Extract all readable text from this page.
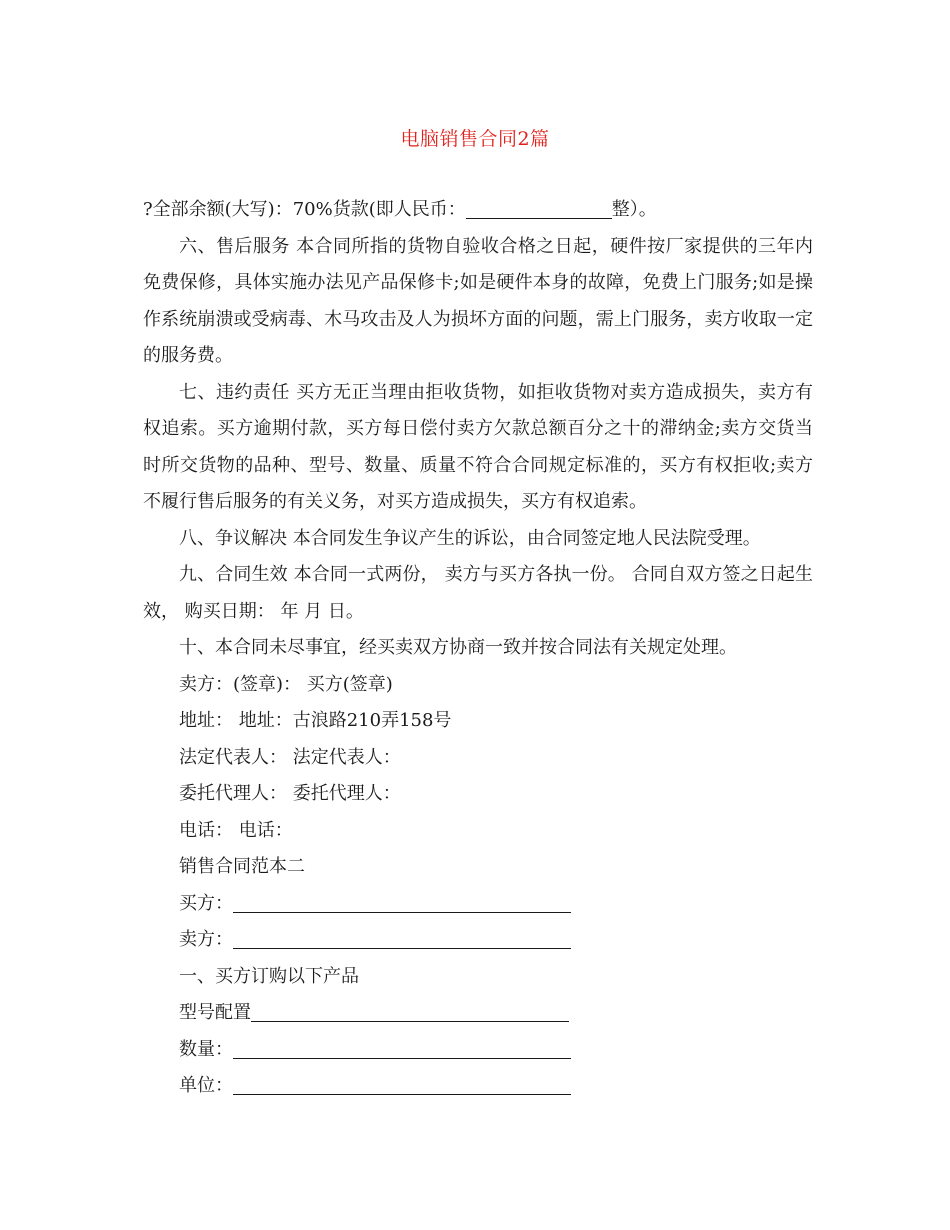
电脑销售合同2篇

?全部余额(大写)：70%货款(即人民币：	整）。

六、售后服务 本合同所指的货物自验收合格之日起，硬件按厂家提供的三年内免费保修，具体实施办法见产品保修卡;如是硬件本身的故障，免费上门服务;如是操作系统崩溃或受病毒、木马攻击及人为损坏方面的问题，需上门服务，卖方收取一定的服务费。

七、违约责任 买方无正当理由拒收货物，如拒收货物对卖方造成损失，卖方有权追索。买方逾期付款，买方每日偿付卖方欠款总额百分之十的滞纳金;卖方交货当时所交货物的品种、型号、数量、质量不符合合同规定标准的，买方有权拒收;卖方不履行售后服务的有关义务，对买方造成损失，买方有权追索。

八、争议解决 本合同发生争议产生的诉讼，由合同签定地人民法院受理。

九、合同生效 本合同一式两份， 卖方与买方各执一份。 合同自双方签之日起生效， 购买日期： 年 月 日。

十、本合同未尽事宜，经买卖双方协商一致并按合同法有关规定处理。

卖方：(签章)： 买方(签章)

地址： 地址：古浪路210弄158号

法定代表人： 法定代表人：

委托代理人： 委托代理人：

电话： 电话：

销售合同范本二

买方：

卖方：

一、买方订购以下产品

型号配置

数量：

单位：
